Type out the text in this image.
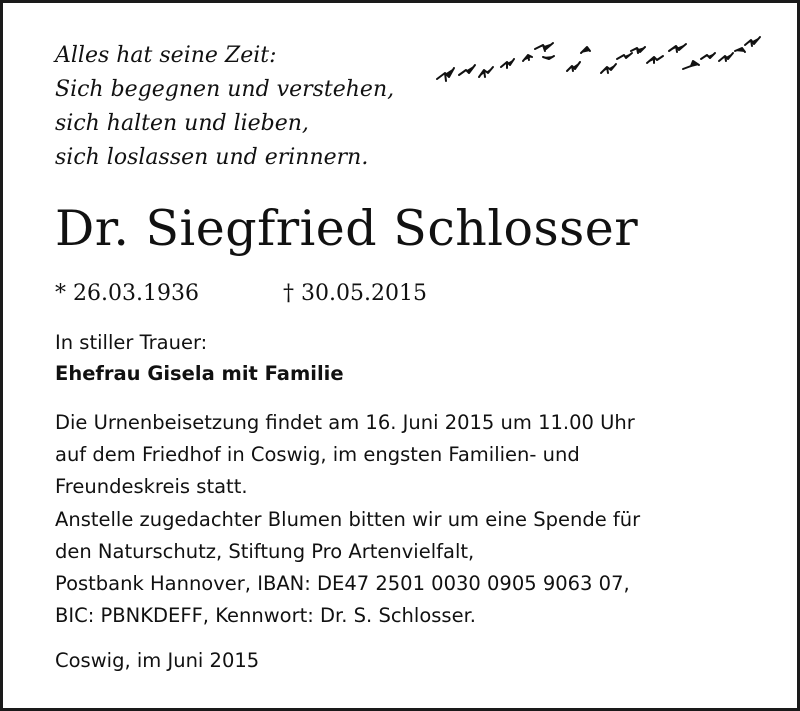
Alles hat seine Zeit:
Sich begegnen und verstehen,
sich halten und lieben,
sich loslassen und erinnern.

Dr. Siegfried Schlosser
* 26.03.1936	† 30.05.2015
In stiller Trauer:
Ehefrau Gisela mit Familie
Die Urnenbeisetzung findet am 16. Juni 2015 um 11.00 Uhr
auf dem Friedhof in Coswig, im engsten Familien- und
Freundeskreis statt.
Anstelle zugedachter Blumen bitten wir um eine Spende für
den Naturschutz, Stiftung Pro Artenvielfalt,
Postbank Hannover, IBAN: DE47 2501 0030 0905 9063 07,
BIC: PBNKDEFF, Kennwort: Dr. S. Schlosser.
Coswig, im Juni 2015
